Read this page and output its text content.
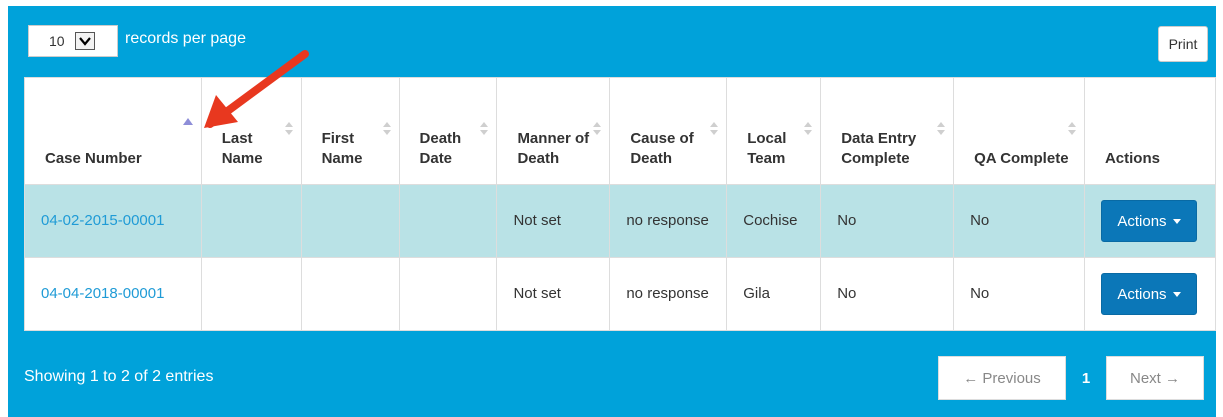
10	records per page	Print
Case Number	Last Name	First Name	Death Date	Manner of Death	Cause of Death	Local Team	Data Entry Complete	QA Complete	Actions
04-02-2015-00001				Not set	no response	Cochise	No	No	Actions

04-04-2018-00001				Not set	no response	Gila	No	No	Actions
Showing 1 to 2 of 2 entries	← Previous	1	Next →
